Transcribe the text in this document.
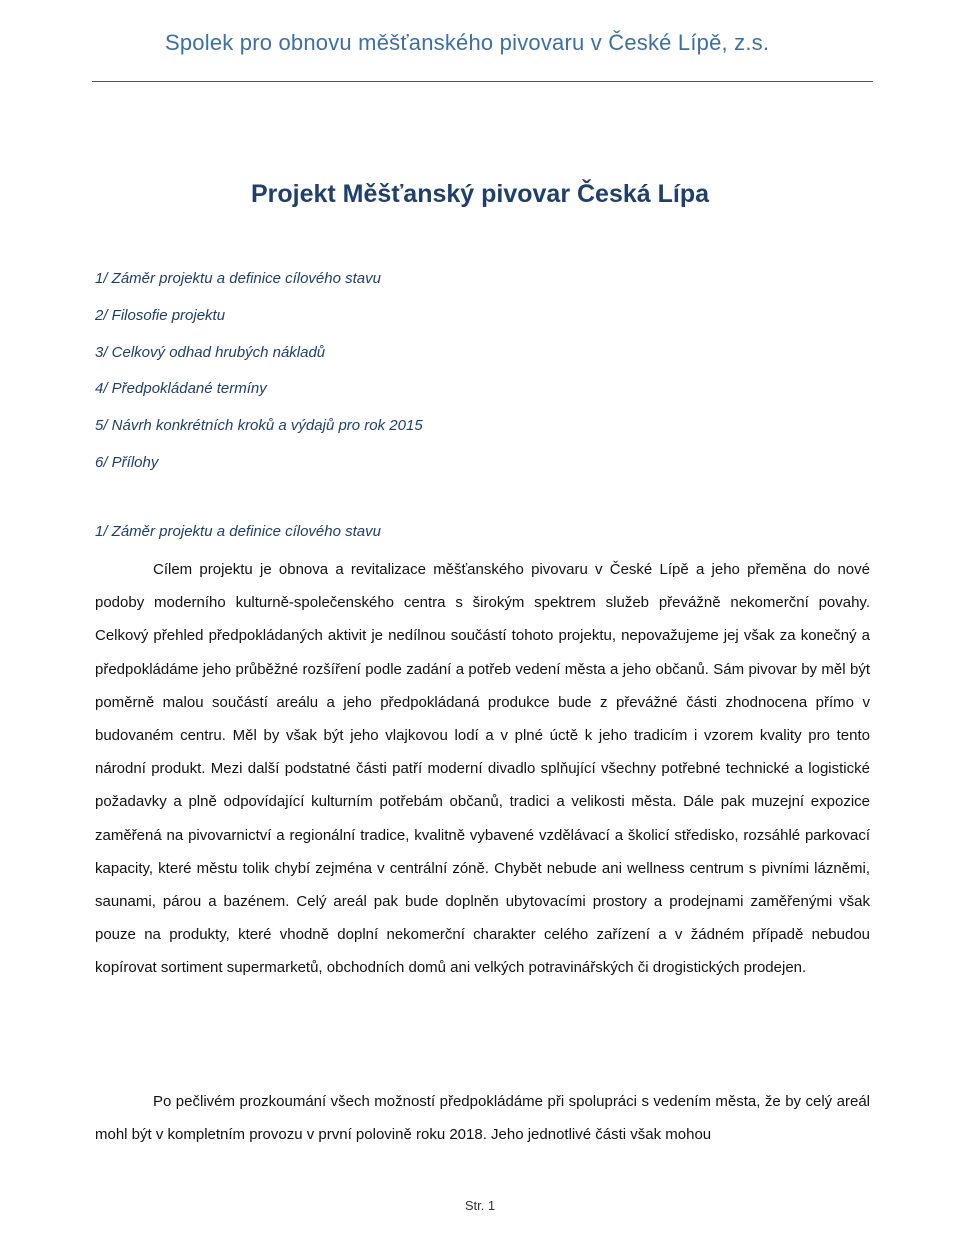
Spolek pro obnovu měšťanského pivovaru v České Lípě, z.s.
Projekt Měšťanský pivovar Česká Lípa
1/ Záměr projektu a definice cílového stavu
2/ Filosofie projektu
3/ Celkový odhad hrubých nákladů
4/ Předpokládané termíny
5/ Návrh konkrétních kroků a výdajů pro rok 2015
6/ Přílohy
1/ Záměr projektu a definice cílového stavu

Cílem projektu je obnova a revitalizace měšťanského pivovaru v České Lípě a jeho přeměna do nové podoby moderního kulturně-společenského centra s širokým spektrem služeb převážně nekomerční povahy. Celkový přehled předpokládaných aktivit je nedílnou součástí tohoto projektu, nepovažujeme jej však za konečný a předpokládáme jeho průběžné rozšíření podle zadání a potřeb vedení města a jeho občanů. Sám pivovar by měl být poměrně malou součástí areálu a jeho předpokládaná produkce bude z převážné části zhodnocena přímo v budovaném centru. Měl by však být jeho vlajkovou lodí a v plné úctě k jeho tradicím i vzorem kvality pro tento národní produkt. Mezi další podstatné části patří moderní divadlo splňující všechny potřebné technické a logistické požadavky a plně odpovídající kulturním potřebám občanů, tradici a velikosti města. Dále pak muzejní expozice zaměřená na pivovarnictví a regionální tradice, kvalitně vybavené vzdělávací a školicí středisko, rozsáhlé parkovací kapacity, které městu tolik chybí zejména v centrální zóně. Chybět nebude ani wellness centrum s pivními lázněmi, saunami, párou a bazénem. Celý areál pak bude doplněn ubytovacími prostory a prodejnami zaměřenými však pouze na produkty, které vhodně doplní nekomerční charakter celého zařízení a v žádném případě nebudou kopírovat sortiment supermarketů, obchodních domů ani velkých potravinářských či drogistických prodejen.

Po pečlivém prozkoumání všech možností předpokládáme při spolupráci s vedením města, že by celý areál mohl být v kompletním provozu v první polovině roku 2018. Jeho jednotlivé části však mohou

Str. 1
